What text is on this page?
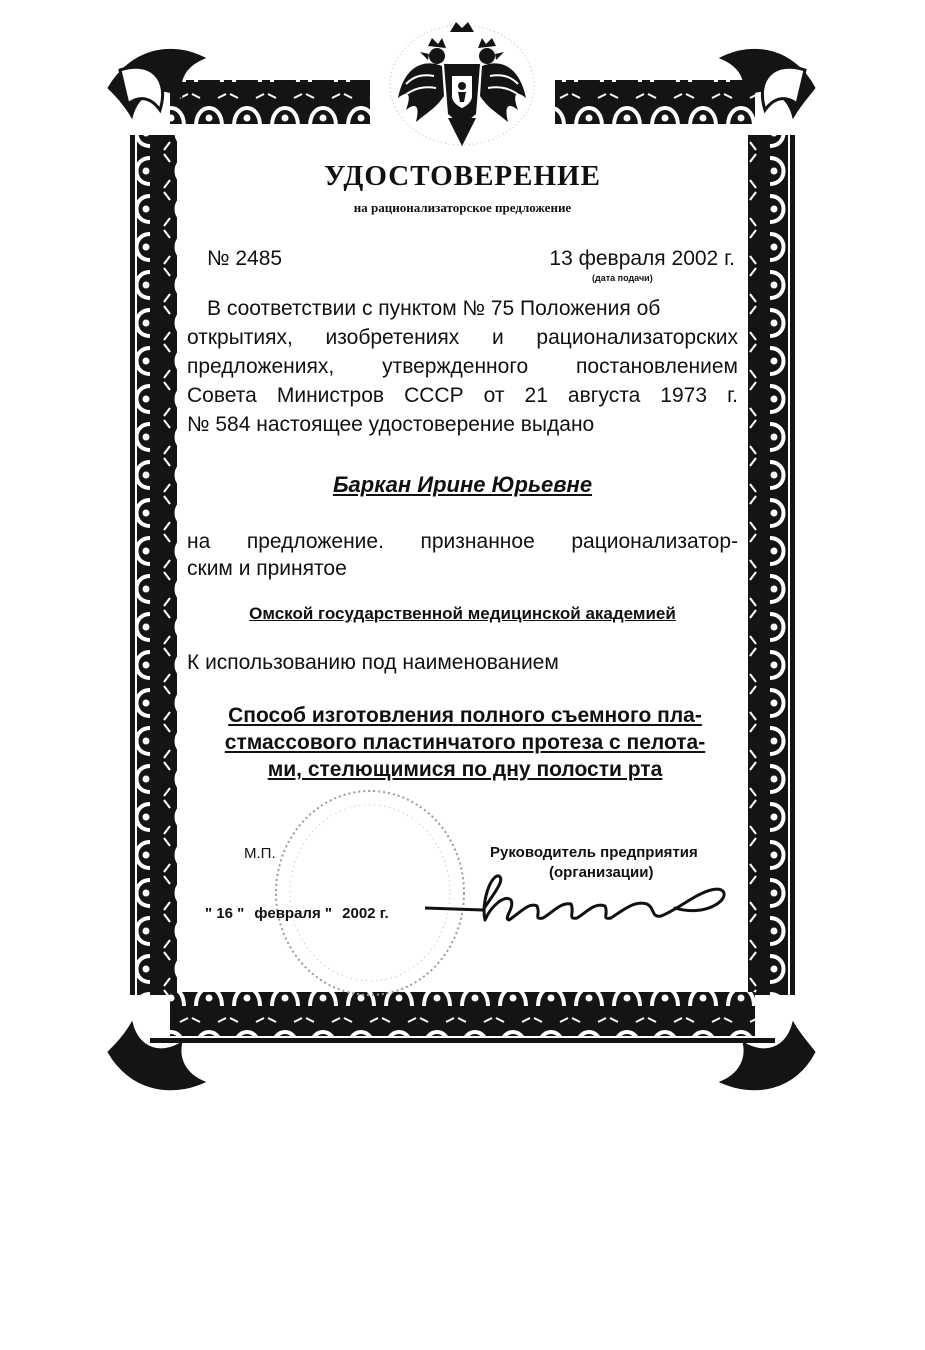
УДОСТОВЕРЕНИЕ
на рационализаторское предложение
№ 2485	13 февраля 2002 г.
(дата подачи)
В соответствии с пунктом № 75 Положения об
открытиях, изобретениях и рационализаторских
предложениях, утвержденного постановлением
Совета Министров СССР от 21 августа 1973 г.
№ 584 настоящее удостоверение выдано
Баркан Ирине Юрьевне
на предложение. признанное рационализатор-
ским и принятое
Омской государственной медицинской академией
К использованию под наименованием
Способ изготовления полного съемного пла-
стмассового пластинчатого протеза с пелота-
ми, стелющимися по дну полости рта
М.П.	Руководитель предприятия
(организации)
" 16 " февраля " 2002 г.
